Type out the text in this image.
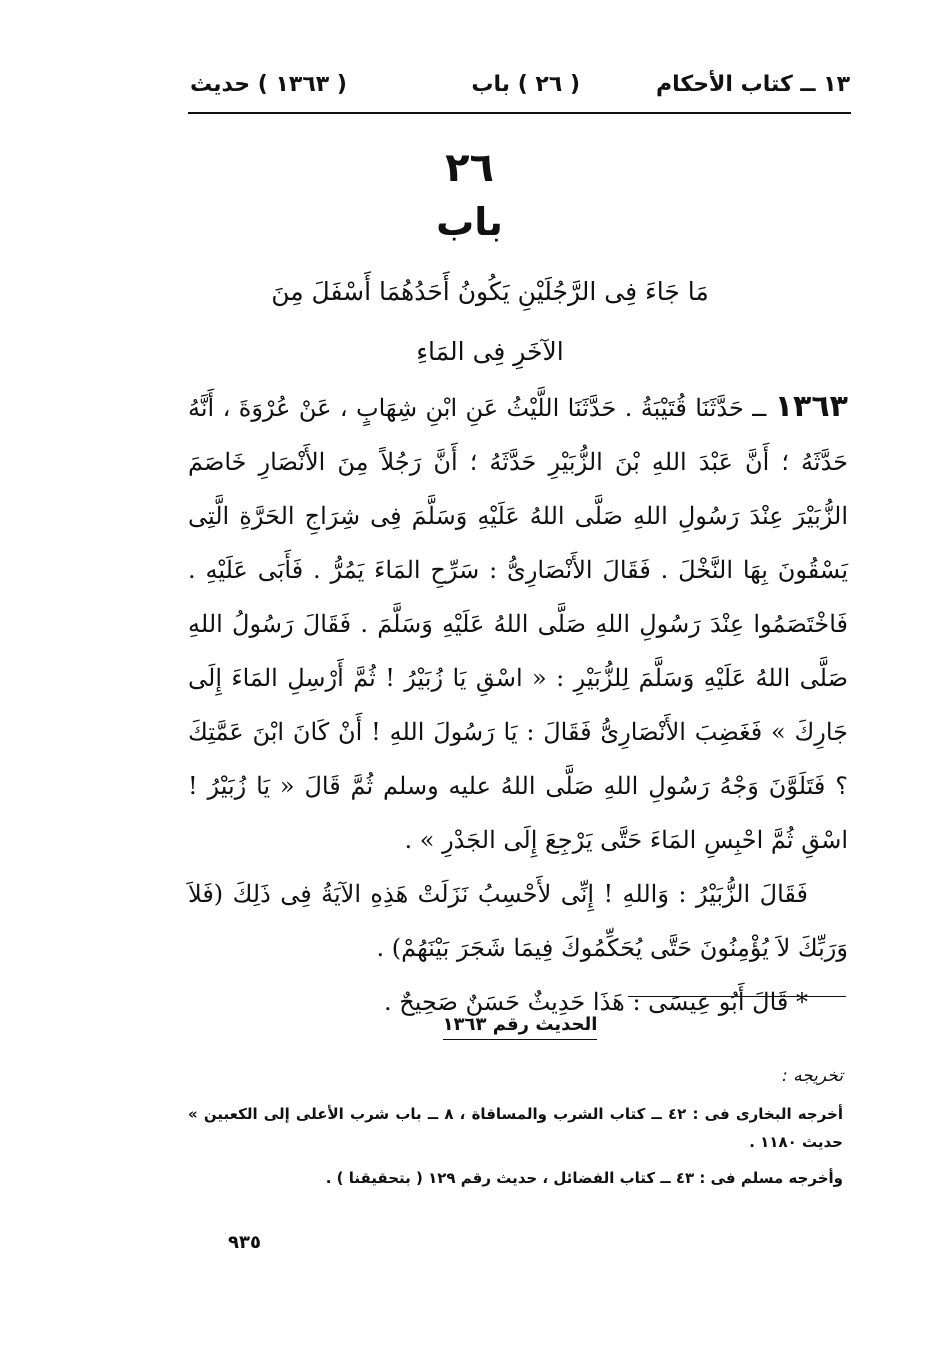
١٣ ــ كتاب الأحكام
( ٢٦ ) باب
( ١٣٦٣ ) حديث
٢٦
باب
مَا جَاءَ فِى الرَّجُلَيْنِ يَكُونُ أَحَدُهُمَا أَسْفَلَ مِنَ الآخَرِ فِى المَاءِ

١٣٦٣ ــ حَدَّثَنَا قُتَيْبَةُ . حَدَّثَنَا اللَّيْثُ عَنِ ابْنِ شِهَابٍ ، عَنْ عُرْوَةَ ، أَنَّهُ حَدَّثَهُ ؛ أَنَّ عَبْدَ اللهِ بْنَ الزُّبَيْرِ حَدَّثَهُ ؛ أَنَّ رَجُلاً مِنَ الأَنْصَارِ خَاصَمَ الزُّبَيْرَ عِنْدَ رَسُولِ اللهِ صَلَّى اللهُ عَلَيْهِ وَسَلَّمَ فِى شِرَاجِ الحَرَّةِ الَّتِى يَسْقُونَ بِهَا النَّخْلَ . فَقَالَ الأَنْصَارِىُّ : سَرِّحِ المَاءَ يَمُرُّ . فَأَبَى عَلَيْهِ . فَاخْتَصَمُوا عِنْدَ رَسُولِ اللهِ صَلَّى اللهُ عَلَيْهِ وَسَلَّمَ . فَقَالَ رَسُولُ اللهِ صَلَّى اللهُ عَلَيْهِ وَسَلَّمَ لِلزُّبَيْرِ : « اسْقِ يَا زُبَيْرُ ! ثُمَّ أَرْسِلِ المَاءَ إِلَى جَارِكَ » فَغَضِبَ الأَنْصَارِىُّ فَقَالَ : يَا رَسُولَ اللهِ ! أَنْ كَانَ ابْنَ عَمَّتِكَ ؟ فَتَلَوَّنَ وَجْهُ رَسُولِ اللهِ صَلَّى اللهُ عليه وسلم ثُمَّ قَالَ « يَا زُبَيْرُ ! اسْقِ ثُمَّ احْبِسِ المَاءَ حَتَّى يَرْجِعَ إِلَى الجَدْرِ » .

فَقَالَ الزُّبَيْرُ : وَاللهِ ! إِنِّى لأَحْسِبُ نَزَلَتْ هَذِهِ الآيَةُ فِى ذَلِكَ (فَلاَ وَرَبِّكَ لاَ يُؤْمِنُونَ حَتَّى يُحَكِّمُوكَ فِيمَا شَجَرَ بَيْنَهُمْ) .

* قَالَ أَبُو عِيسَى : هَذَا حَدِيثٌ حَسَنٌ صَحِيحٌ .

الحديث رقم ١٣٦٣

تخريجه :

أخرجه البخارى فى : ٤٢ ــ كتاب الشرب والمساقاة ، ٨ ــ باب شرب الأعلى إلى الكعبين » حديث ١١٨٠ .

وأخرجه مسلم فى : ٤٣ ــ كتاب الفضائل ، حديث رقم ١٢٩ ( بتحقيقنا ) .

٩٣٥
